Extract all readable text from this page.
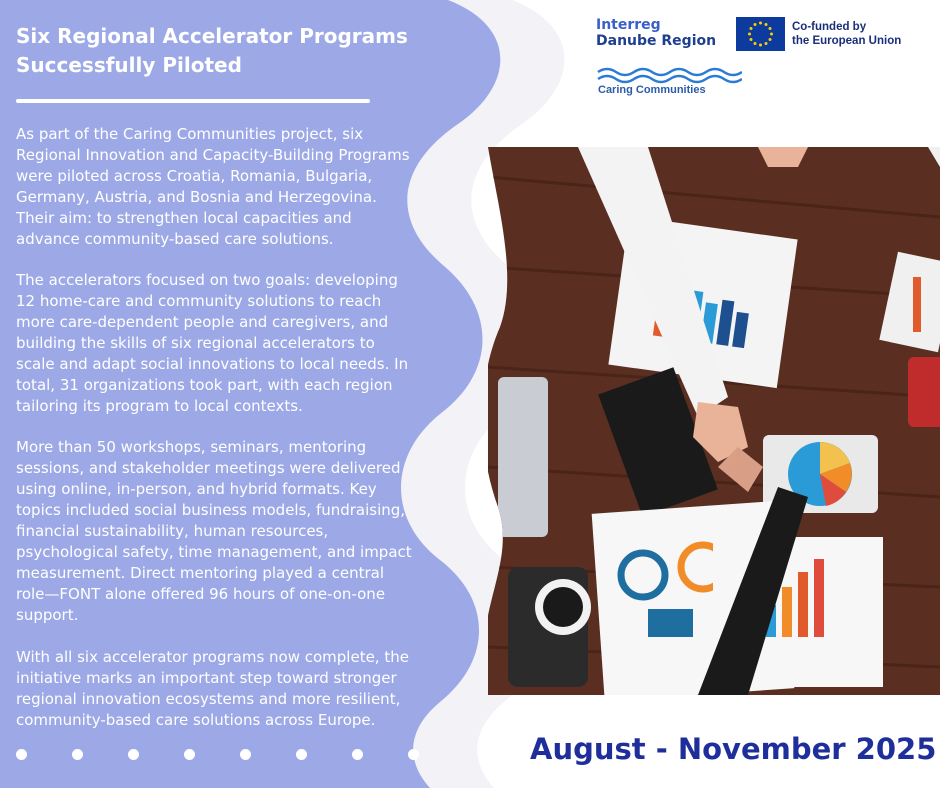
Six Regional Accelerator Programs
Successfully Piloted

As part of the Caring Communities project, six
Regional Innovation and Capacity-Building Programs
were piloted across Croatia, Romania, Bulgaria,
Germany, Austria, and Bosnia and Herzegovina.
Their aim: to strengthen local capacities and
advance community-based care solutions.

The accelerators focused on two goals: developing
12 home-care and community solutions to reach
more care-dependent people and caregivers, and
building the skills of six regional accelerators to
scale and adapt social innovations to local needs. In
total, 31 organizations took part, with each region
tailoring its program to local contexts.

More than 50 workshops, seminars, mentoring
sessions, and stakeholder meetings were delivered
using online, in-person, and hybrid formats. Key
topics included social business models, fundraising,
financial sustainability, human resources,
psychological safety, time management, and impact
measurement. Direct mentoring played a central
role—FONT alone offered 96 hours of one-on-one
support.

With all six accelerator programs now complete, the
initiative marks an important step toward stronger
regional innovation ecosystems and more resilient,
community-based care solutions across Europe.

Interreg
Danube Region
Co-funded by
the European Union
Caring Communities
August - November 2025
